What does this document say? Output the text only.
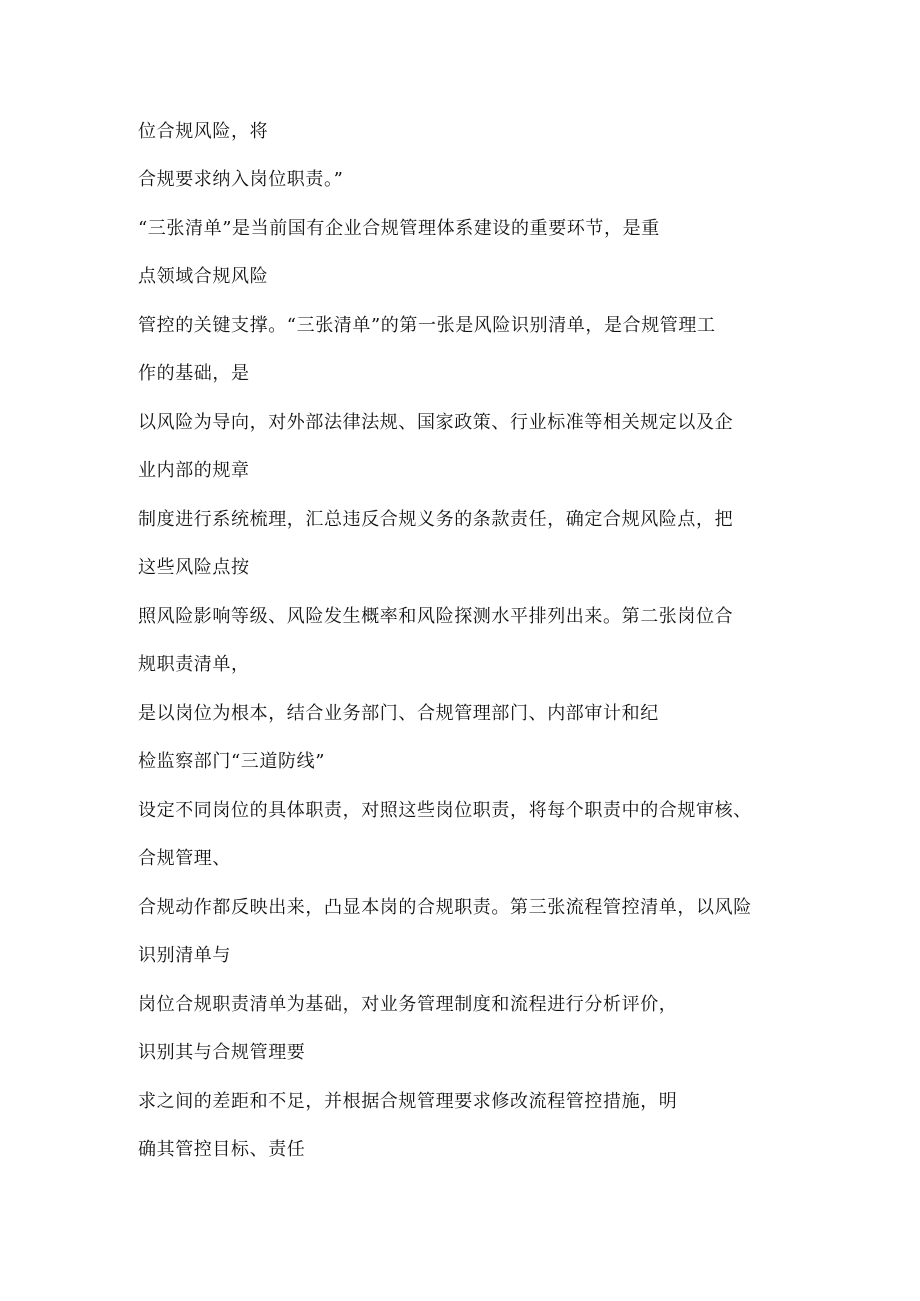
位合规风险，将

合规要求纳入岗位职责。”

“三张清单”是当前国有企业合规管理体系建设的重要环节，是重

点领域合规风险

管控的关键支撑。“三张清单”的第一张是风险识别清单，是合规管理工

作的基础，是

以风险为导向，对外部法律法规、国家政策、行业标准等相关规定以及企

业内部的规章

制度进行系统梳理，汇总违反合规义务的条款责任，确定合规风险点，把

这些风险点按

照风险影响等级、风险发生概率和风险探测水平排列出来。第二张岗位合

规职责清单，

是以岗位为根本，结合业务部门、合规管理部门、内部审计和纪

检监察部门“三道防线”

设定不同岗位的具体职责，对照这些岗位职责，将每个职责中的合规审核、

合规管理、

合规动作都反映出来，凸显本岗的合规职责。第三张流程管控清单，以风险

识别清单与

岗位合规职责清单为基础，对业务管理制度和流程进行分析评价，

识别其与合规管理要

求之间的差距和不足，并根据合规管理要求修改流程管控措施，明

确其管控目标、责任
